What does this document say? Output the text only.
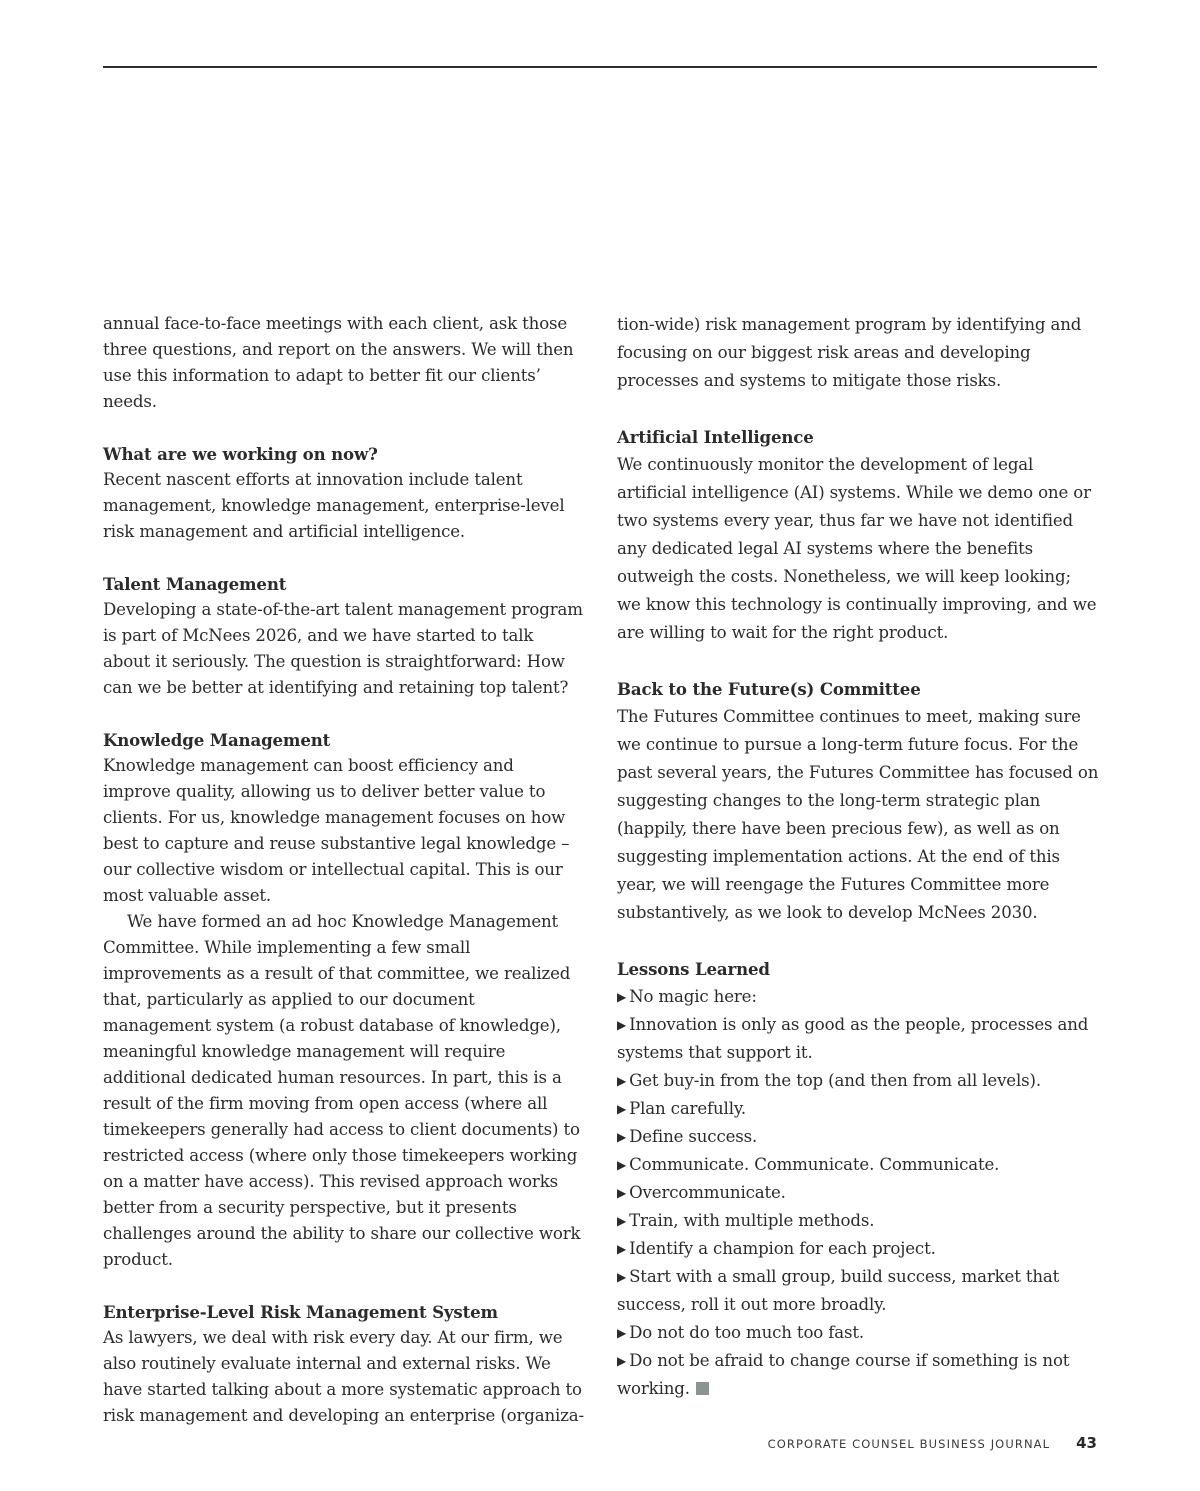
annual face-to-face meetings with each client, ask those three questions, and report on the answers. We will then use this information to adapt to better fit our clients’ needs.

What are we working on now?

Recent nascent efforts at innovation include talent management, knowledge management, enterprise-level risk management and artificial intelligence.

Talent Management

Developing a state-of-the-art talent management program is part of McNees 2026, and we have started to talk about it seriously. The question is straightforward: How can we be better at identifying and retaining top talent?

Knowledge Management

Knowledge management can boost efficiency and improve quality, allowing us to deliver better value to clients. For us, knowledge management focuses on how best to capture and reuse substantive legal knowledge – our collective wisdom or intellectual capital. This is our most valuable asset.

We have formed an ad hoc Knowledge Management Committee. While implementing a few small improvements as a result of that committee, we realized that, particularly as applied to our document management system (a robust database of knowledge), meaningful knowledge management will require additional dedicated human resources. In part, this is a result of the firm moving from open access (where all timekeepers generally had access to client documents) to restricted access (where only those timekeepers working on a matter have access). This revised approach works better from a security perspective, but it presents challenges around the ability to share our collective work product.

Enterprise-Level Risk Management System

As lawyers, we deal with risk every day. At our firm, we also routinely evaluate internal and external risks. We have started talking about a more systematic approach to risk management and developing an enterprise (organiza-

tion-wide) risk management program by identifying and focusing on our biggest risk areas and developing processes and systems to mitigate those risks.

Artificial Intelligence

We continuously monitor the development of legal artificial intelligence (AI) systems. While we demo one or two systems every year, thus far we have not identified any dedicated legal AI systems where the benefits outweigh the costs. Nonetheless, we will keep looking; we know this technology is continually improving, and we are willing to wait for the right product.

Back to the Future(s) Committee

The Futures Committee continues to meet, making sure we continue to pursue a long-term future focus. For the past several years, the Futures Committee has focused on suggesting changes to the long-term strategic plan (happily, there have been precious few), as well as on suggesting implementation actions. At the end of this year, we will reengage the Futures Committee more substantively, as we look to develop McNees 2030.

Lessons Learned

▶ No magic here:
▶ Innovation is only as good as the people, processes and systems that support it.
▶ Get buy-in from the top (and then from all levels).
▶ Plan carefully.
▶ Define success.
▶ Communicate. Communicate. Communicate.
▶ Overcommunicate.
▶ Train, with multiple methods.
▶ Identify a champion for each project.
▶ Start with a small group, build success, market that success, roll it out more broadly.
▶ Do not do too much too fast.
▶ Do not be afraid to change course if something is not working.
CORPORATE COUNSEL BUSINESS JOURNAL 43
